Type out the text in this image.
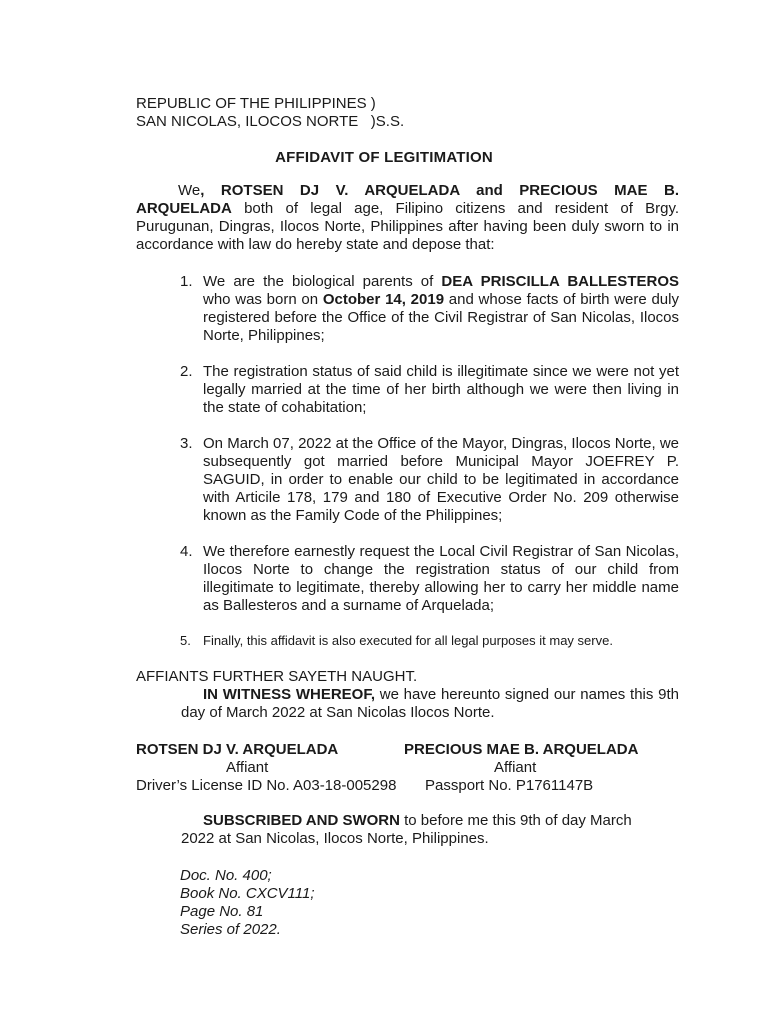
REPUBLIC OF THE PHILIPPINES )
SAN NICOLAS, ILOCOS NORTE   )S.S.
AFFIDAVIT OF LEGITIMATION
We, ROTSEN DJ V. ARQUELADA and PRECIOUS MAE B. ARQUELADA both of legal age, Filipino citizens and resident of Brgy. Purugunan, Dingras, Ilocos Norte, Philippines after having been duly sworn to in accordance with law do hereby state and depose that:
1. We are the biological parents of DEA PRISCILLA BALLESTEROS who was born on October 14, 2019 and whose facts of birth were duly registered before the Office of the Civil Registrar of San Nicolas, Ilocos Norte, Philippines;
2. The registration status of said child is illegitimate since we were not yet legally married at the time of her birth although we were then living in the state of cohabitation;
3. On March 07, 2022 at the Office of the Mayor, Dingras, Ilocos Norte, we subsequently got married before Municipal Mayor JOEFREY P. SAGUID, in order to enable our child to be legitimated in accordance with Articile 178, 179 and 180 of Executive Order No. 209 otherwise known as the Family Code of the Philippines;
4. We therefore earnestly request the Local Civil Registrar of San Nicolas, Ilocos Norte to change the registration status of our child from illegitimate to legitimate, thereby allowing her to carry her middle name as Ballesteros and a surname of Arquelada;
5. Finally, this affidavit is also executed for all legal purposes it may serve.
AFFIANTS FURTHER SAYETH NAUGHT.
IN WITNESS WHEREOF, we have hereunto signed our names this 9th day of March 2022 at San Nicolas Ilocos Norte.
ROTSEN DJ V. ARQUELADA
Affiant
Driver’s License ID No. A03-18-005298
PRECIOUS MAE B. ARQUELADA
Affiant
Passport No. P1761147B
SUBSCRIBED AND SWORN to before me this 9th of day March 2022 at San Nicolas, Ilocos Norte, Philippines.
Doc. No. 400;
Book No. CXCV111;
Page No. 81
Series of 2022.
